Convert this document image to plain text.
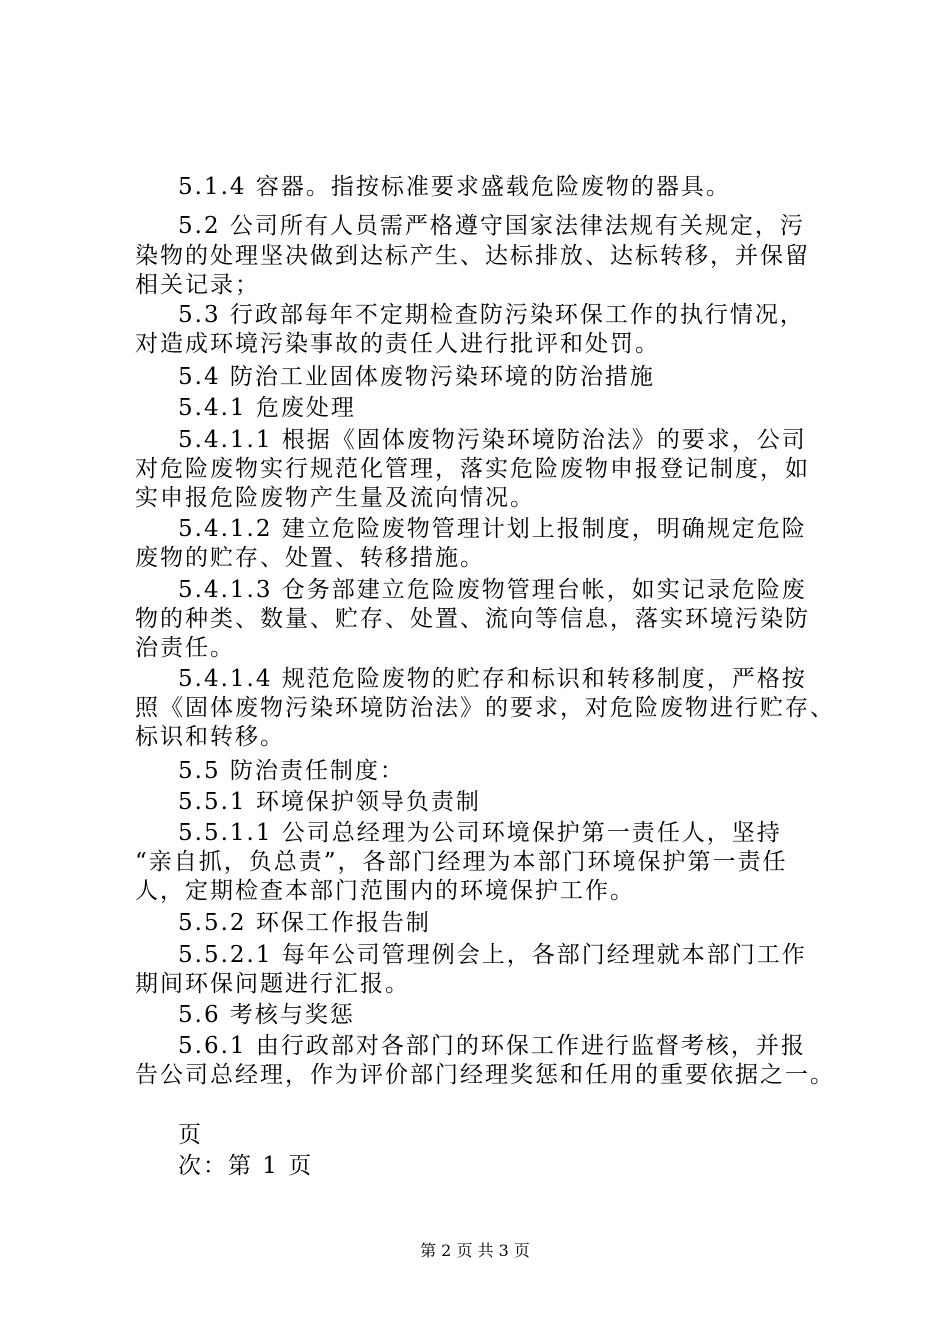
5.1.4 容器。指按标准要求盛载危险废物的器具。

5.2 公司所有人员需严格遵守国家法律法规有关规定，污

染物的处理坚决做到达标产生、达标排放、达标转移，并保留

相关记录；

5.3 行政部每年不定期检查防污染环保工作的执行情况，

对造成环境污染事故的责任人进行批评和处罚。

5.4 防治工业固体废物污染环境的防治措施

5.4.1 危废处理

5.4.1.1 根据《固体废物污染环境防治法》的要求，公司

对危险废物实行规范化管理，落实危险废物申报登记制度，如

实申报危险废物产生量及流向情况。

5.4.1.2 建立危险废物管理计划上报制度，明确规定危险

废物的贮存、处置、转移措施。

5.4.1.3 仓务部建立危险废物管理台帐，如实记录危险废

物的种类、数量、贮存、处置、流向等信息，落实环境污染防

治责任。

5.4.1.4 规范危险废物的贮存和标识和转移制度，严格按

照《固体废物污染环境防治法》的要求，对危险废物进行贮存、

标识和转移。

5.5 防治责任制度：

5.5.1 环境保护领导负责制

5.5.1.1 公司总经理为公司环境保护第一责任人，坚持

“亲自抓，负总责”，各部门经理为本部门环境保护第一责任

人，定期检查本部门范围内的环境保护工作。

5.5.2 环保工作报告制

5.5.2.1 每年公司管理例会上，各部门经理就本部门工作

期间环保问题进行汇报。

5.6 考核与奖惩

5.6.1 由行政部对各部门的环保工作进行监督考核，并报

告公司总经理，作为评价部门经理奖惩和任用的重要依据之一。

页

次：第 1 页

第 2 页 共 3 页
